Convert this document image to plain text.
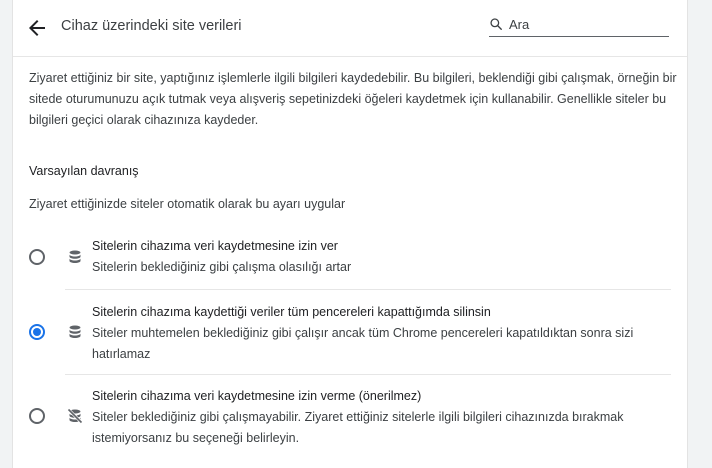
Cihaz üzerindeki site verileri
Ara
Ziyaret ettiğiniz bir site, yaptığınız işlemlerle ilgili bilgileri kaydedebilir. Bu bilgileri, beklendiği gibi çalışmak, örneğin bir sitede oturumunuzu açık tutmak veya alışveriş sepetinizdeki öğeleri kaydetmek için kullanabilir. Genellikle siteler bu bilgileri geçici olarak cihazınıza kaydeder.
Varsayılan davranış
Ziyaret ettiğinizde siteler otomatik olarak bu ayarı uygular
Sitelerin cihazıma veri kaydetmesine izin ver
Sitelerin beklediğiniz gibi çalışma olasılığı artar
Sitelerin cihazıma kaydettiği veriler tüm pencereleri kapattığımda silinsin
Siteler muhtemelen beklediğiniz gibi çalışır ancak tüm Chrome pencereleri kapatıldıktan sonra sizi hatırlamaz
Sitelerin cihazıma veri kaydetmesine izin verme (önerilmez)
Siteler beklediğiniz gibi çalışmayabilir. Ziyaret ettiğiniz sitelerle ilgili bilgileri cihazınızda bırakmak istemiyorsanız bu seçeneği belirleyin.
